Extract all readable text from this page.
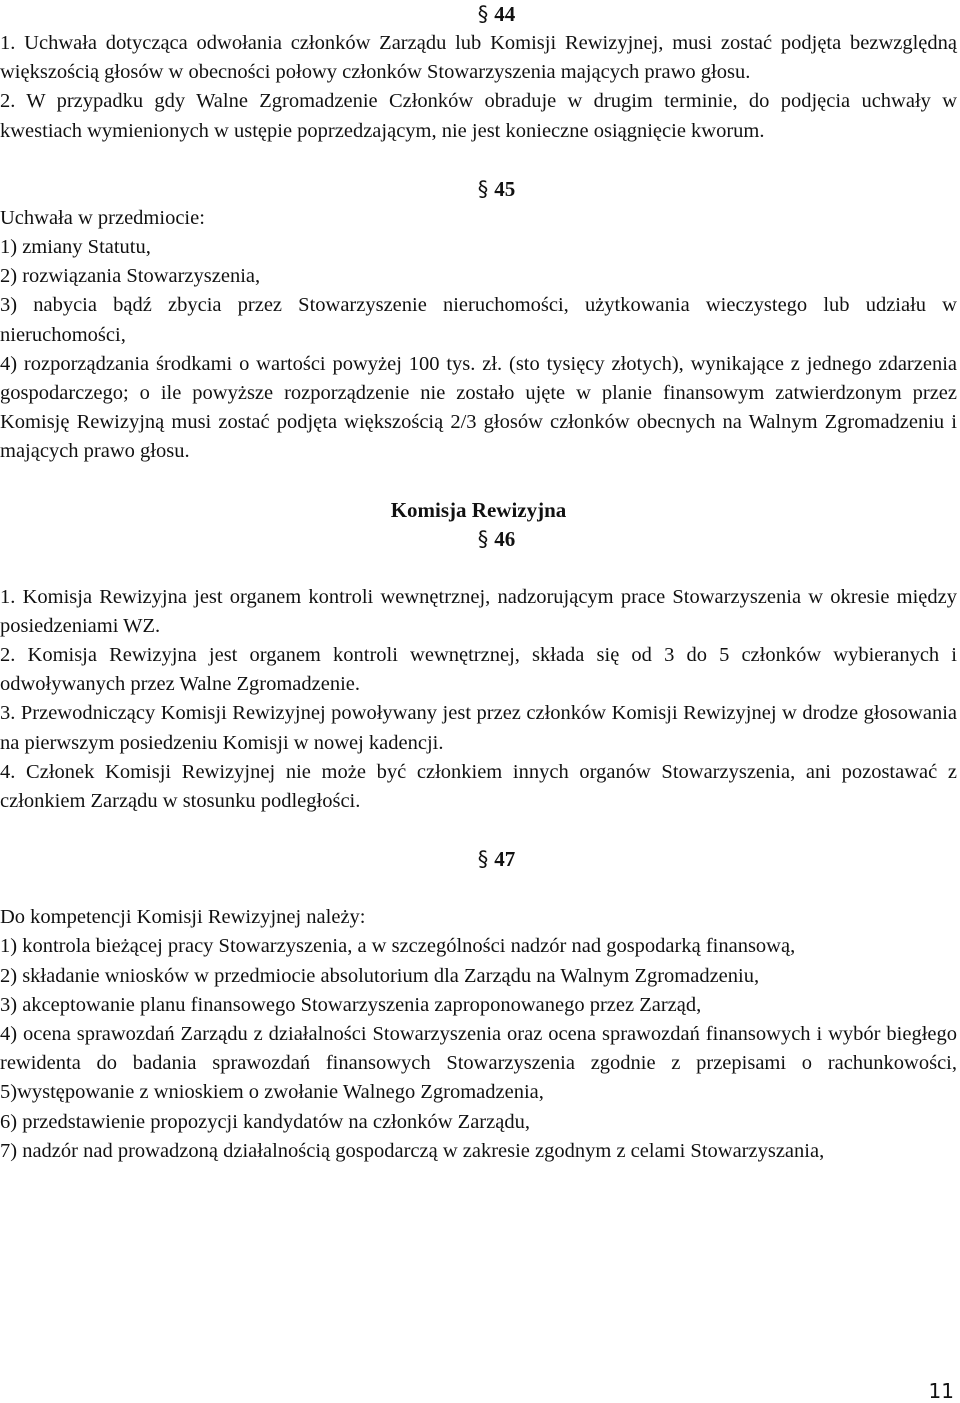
§ 44

1. Uchwała dotycząca odwołania członków Zarządu lub Komisji Rewizyjnej, musi zostać podjęta bezwzględną większością głosów w obecności połowy członków Stowarzyszenia mających prawo głosu.

2. W przypadku gdy Walne Zgromadzenie Członków obraduje w drugim terminie, do podjęcia uchwały w kwestiach wymienionych w ustępie poprzedzającym, nie jest konieczne osiągnięcie kworum.

§ 45

Uchwała w przedmiocie:

1) zmiany Statutu,

2) rozwiązania Stowarzyszenia,

3) nabycia bądź zbycia przez Stowarzyszenie nieruchomości, użytkowania wieczystego lub udziału w nieruchomości,

4) rozporządzania środkami o wartości powyżej 100 tys. zł. (sto tysięcy złotych), wynikające z jednego zdarzenia gospodarczego; o ile powyższe rozporządzenie nie zostało ujęte w planie finansowym zatwierdzonym przez Komisję Rewizyjną musi zostać podjęta większością 2/3 głosów członków obecnych na Walnym Zgromadzeniu i mających prawo głosu.

Komisja Rewizyjna
§ 46

1. Komisja Rewizyjna jest organem kontroli wewnętrznej, nadzorującym prace Stowarzyszenia w okresie między posiedzeniami WZ.

2. Komisja Rewizyjna jest organem kontroli wewnętrznej, składa się od 3 do 5 członków wybieranych i odwoływanych przez Walne Zgromadzenie.

3. Przewodniczący Komisji Rewizyjnej powoływany jest przez członków Komisji Rewizyjnej w drodze głosowania na pierwszym posiedzeniu Komisji w nowej kadencji.

4. Członek Komisji Rewizyjnej nie może być członkiem innych organów Stowarzyszenia, ani pozostawać z członkiem Zarządu w stosunku podległości.

§ 47

Do kompetencji Komisji Rewizyjnej należy:

1) kontrola bieżącej pracy Stowarzyszenia, a w szczególności nadzór nad gospodarką finansową,

2) składanie wniosków w przedmiocie absolutorium dla Zarządu na Walnym Zgromadzeniu,

3) akceptowanie planu finansowego Stowarzyszenia zaproponowanego przez Zarząd,

4) ocena sprawozdań Zarządu z działalności Stowarzyszenia oraz ocena sprawozdań finansowych i wybór biegłego rewidenta do badania sprawozdań finansowych Stowarzyszenia zgodnie z przepisami o rachunkowości, 5)występowanie z wnioskiem o zwołanie Walnego Zgromadzenia,

6) przedstawienie propozycji kandydatów na członków Zarządu,

7) nadzór nad prowadzoną działalnością gospodarczą w zakresie zgodnym z celami Stowarzyszania,

11
